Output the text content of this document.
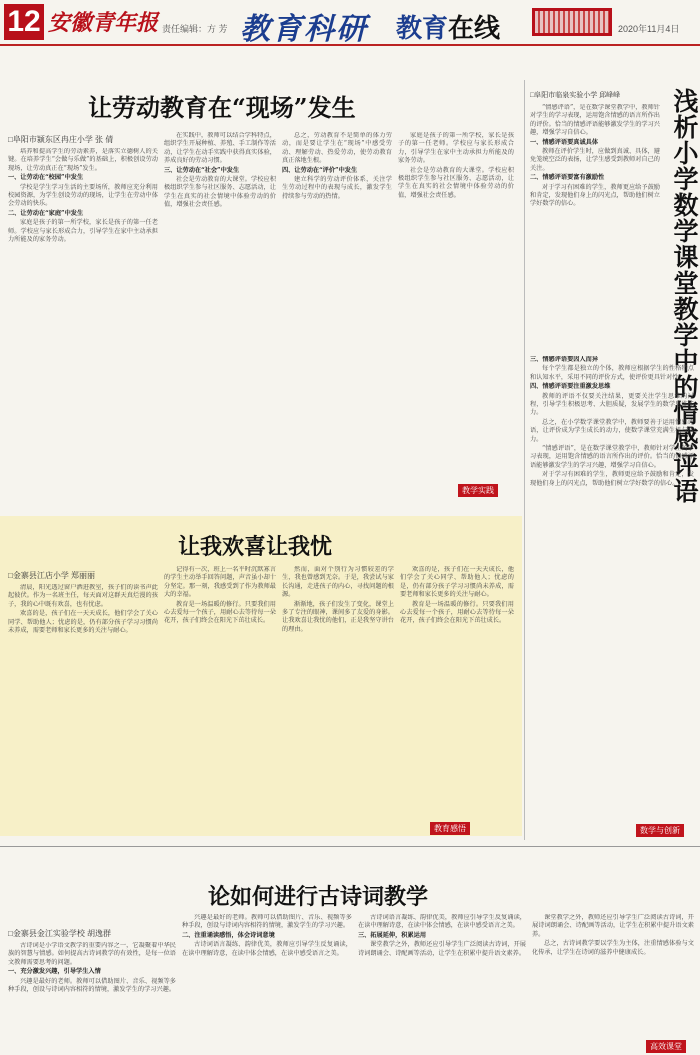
12 安徽青年报 责任编辑：方 芳 教育科研 教育在线	2020年11月4日
让劳动教育在“现场”发生
□阜阳市颍东区冉庄小学 张 倩

培养和提高学生的劳动素养，是落实立德树人的关键。在培养学生“会做与乐做”的基础上，积极创设劳动现场，让劳动真正在“现场”发生。

一、让劳动在“校园”中发生

学校是学生学习生活的主要场所，教师应充分利用校园资源，为学生创设劳动的现场，让学生在劳动中体会劳动的快乐。

二、让劳动在“家庭”中发生

家庭是孩子的第一所学校，家长是孩子的第一任老师。学校应与家长形成合力，引导学生在家中主动承担力所能及的家务劳动。

在实践中，教师可以结合学科特点，组织学生开展种植、养殖、手工制作等活动，让学生在动手实践中获得真实体验，养成良好的劳动习惯。

三、让劳动在“社会”中发生

社会是劳动教育的大课堂。学校应积极组织学生参与社区服务、志愿活动，让学生在真实的社会情境中体验劳动的价值，增强社会责任感。

总之，劳动教育不是简单的体力劳动，而是要让学生在“现场”中感受劳动、理解劳动、热爱劳动，使劳动教育真正落地生根。

四、让劳动在“评价”中发生

建立科学的劳动评价体系，关注学生劳动过程中的表现与成长，激发学生持续参与劳动的热情。

家庭是孩子的第一所学校，家长是孩子的第一任老师。学校应与家长形成合力，引导学生在家中主动承担力所能及的家务劳动。

社会是劳动教育的大课堂。学校应积极组织学生参与社区服务、志愿活动，让学生在真实的社会情境中体验劳动的价值，增强社会责任感。

教学实践
让我欢喜让我忧
□金寨县江店小学 郑丽丽

清晨，阳光透过窗户洒进教室，孩子们的读书声此起彼伏。作为一名班主任，每天面对这群天真烂漫的孩子，我的心中既有欢喜，也有忧虑。

欢喜的是，孩子们在一天天成长，他们学会了关心同学、帮助他人；忧虑的是，仍有部分孩子学习习惯尚未养成，需要老师和家长更多的关注与耐心。

记得有一次，班上一名平时沉默寡言的学生主动举手回答问题，声音虽小却十分坚定。那一刻，我感受到了作为教师最大的幸福。

教育是一场温暖的修行。只要我们用心去爱每一个孩子，用耐心去等待每一朵花开，孩子们终会在阳光下茁壮成长。

然而，面对个别行为习惯较差的学生，我也曾感到无奈。于是，我尝试与家长沟通，走进孩子的内心，寻找问题的根源。

渐渐地，孩子们发生了变化，课堂上多了专注的眼神，课间多了友爱的身影。让我欢喜让我忧的他们，正是我坚守讲台的理由。

欢喜的是，孩子们在一天天成长，他们学会了关心同学、帮助他人；忧虑的是，仍有部分孩子学习习惯尚未养成，需要老师和家长更多的关注与耐心。

教育是一场温暖的修行。只要我们用心去爱每一个孩子，用耐心去等待每一朵花开，孩子们终会在阳光下茁壮成长。

教育感悟
论如何进行古诗词教学
□金寨县金江实验学校 胡逸群

古诗词是小学语文教学的重要内容之一，它凝聚着中华民族的智慧与情感。如何提高古诗词教学的有效性，是每一位语文教师需要思考的问题。

一、充分激发兴趣，引导学生入情

兴趣是最好的老师。教师可以借助图片、音乐、视频等多种手段，创设与诗词内容相符的情境，激发学生的学习兴趣。

兴趣是最好的老师。教师可以借助图片、音乐、视频等多种手段，创设与诗词内容相符的情境，激发学生的学习兴趣。

二、注重诵读感悟，体会诗词意境

古诗词语言凝练、韵律优美，教师应引导学生反复诵读，在读中理解诗意，在读中体会情感，在读中感受语言之美。

古诗词语言凝练、韵律优美，教师应引导学生反复诵读，在读中理解诗意，在读中体会情感，在读中感受语言之美。

三、拓展延伸，积累运用

课堂教学之外，教师还应引导学生广泛阅读古诗词，开展诗词朗诵会、诗配画等活动，让学生在积累中提升语文素养。

课堂教学之外，教师还应引导学生广泛阅读古诗词，开展诗词朗诵会、诗配画等活动，让学生在积累中提升语文素养。

总之，古诗词教学要以学生为主体，注重情感体验与文化传承，让学生在诗词的滋养中健康成长。

高效课堂
□阜阳市临泉实验小学 邱峰峰 浅析小学数学课堂教学中的情感评语

“情感评语”，是在数学课堂教学中，教师针对学生的学习表现，运用饱含情感的语言所作出的评价。恰当的情感评语能够激发学生的学习兴趣，增强学习自信心。

一、情感评语要真诚具体

教师在评价学生时，应做到真诚、具体，避免笼统空泛的表扬，让学生感受到教师对自己的关注。

二、情感评语要富有激励性

对于学习有困难的学生，教师更应给予鼓励和肯定，发现他们身上的闪光点，帮助他们树立学好数学的信心。

三、情感评语要因人而异

每个学生都是独立的个体，教师应根据学生的性格特点和认知水平，采用不同的评价方式，使评价更具针对性。

四、情感评语要注重激发思维

教师的评语不仅要关注结果，更要关注学生思维的过程，引导学生积极思考、大胆质疑，发展学生的数学思维能力。

总之，在小学数学课堂教学中，教师要善于运用情感评语，让评价成为学生成长的动力，使数学课堂充满生机与活力。

“情感评语”，是在数学课堂教学中，教师针对学生的学习表现，运用饱含情感的语言所作出的评价。恰当的情感评语能够激发学生的学习兴趣，增强学习自信心。

对于学习有困难的学生，教师更应给予鼓励和肯定，发现他们身上的闪光点，帮助他们树立学好数学的信心。

数学与创新
